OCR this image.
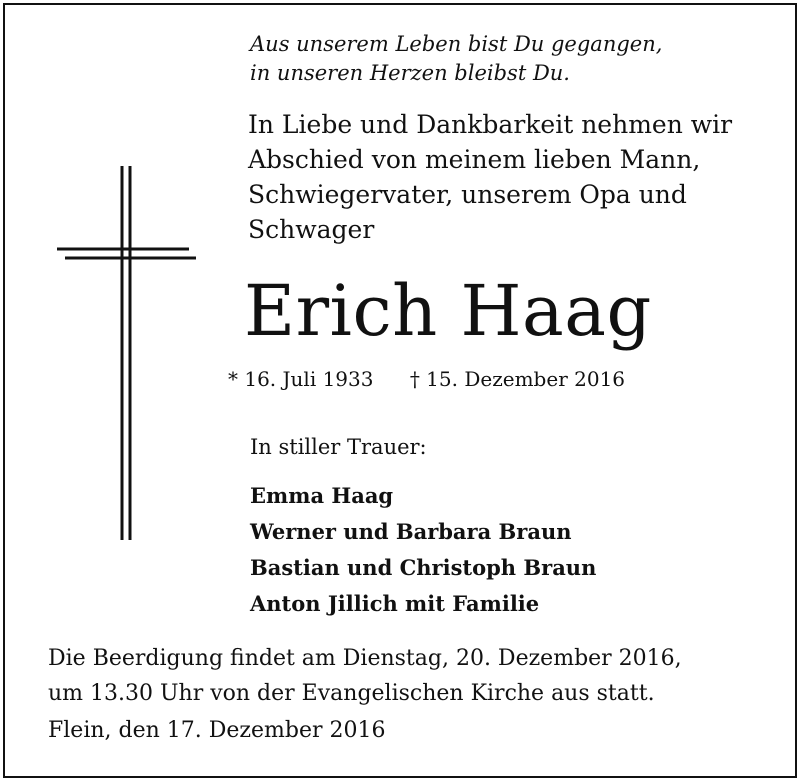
Aus unserem Leben bist Du gegangen,
in unseren Herzen bleibst Du.
In Liebe und Dankbarkeit nehmen wir
Abschied von meinem lieben Mann,
Schwiegervater, unserem Opa und
Schwager
Erich Haag
* 16. Juli 1933 † 15. Dezember 2016
In stiller Trauer:
Emma Haag
Werner und Barbara Braun
Bastian und Christoph Braun
Anton Jillich mit Familie
Die Beerdigung findet am Dienstag, 20. Dezember 2016,
um 13.30 Uhr von der Evangelischen Kirche aus statt.
Flein, den 17. Dezember 2016
